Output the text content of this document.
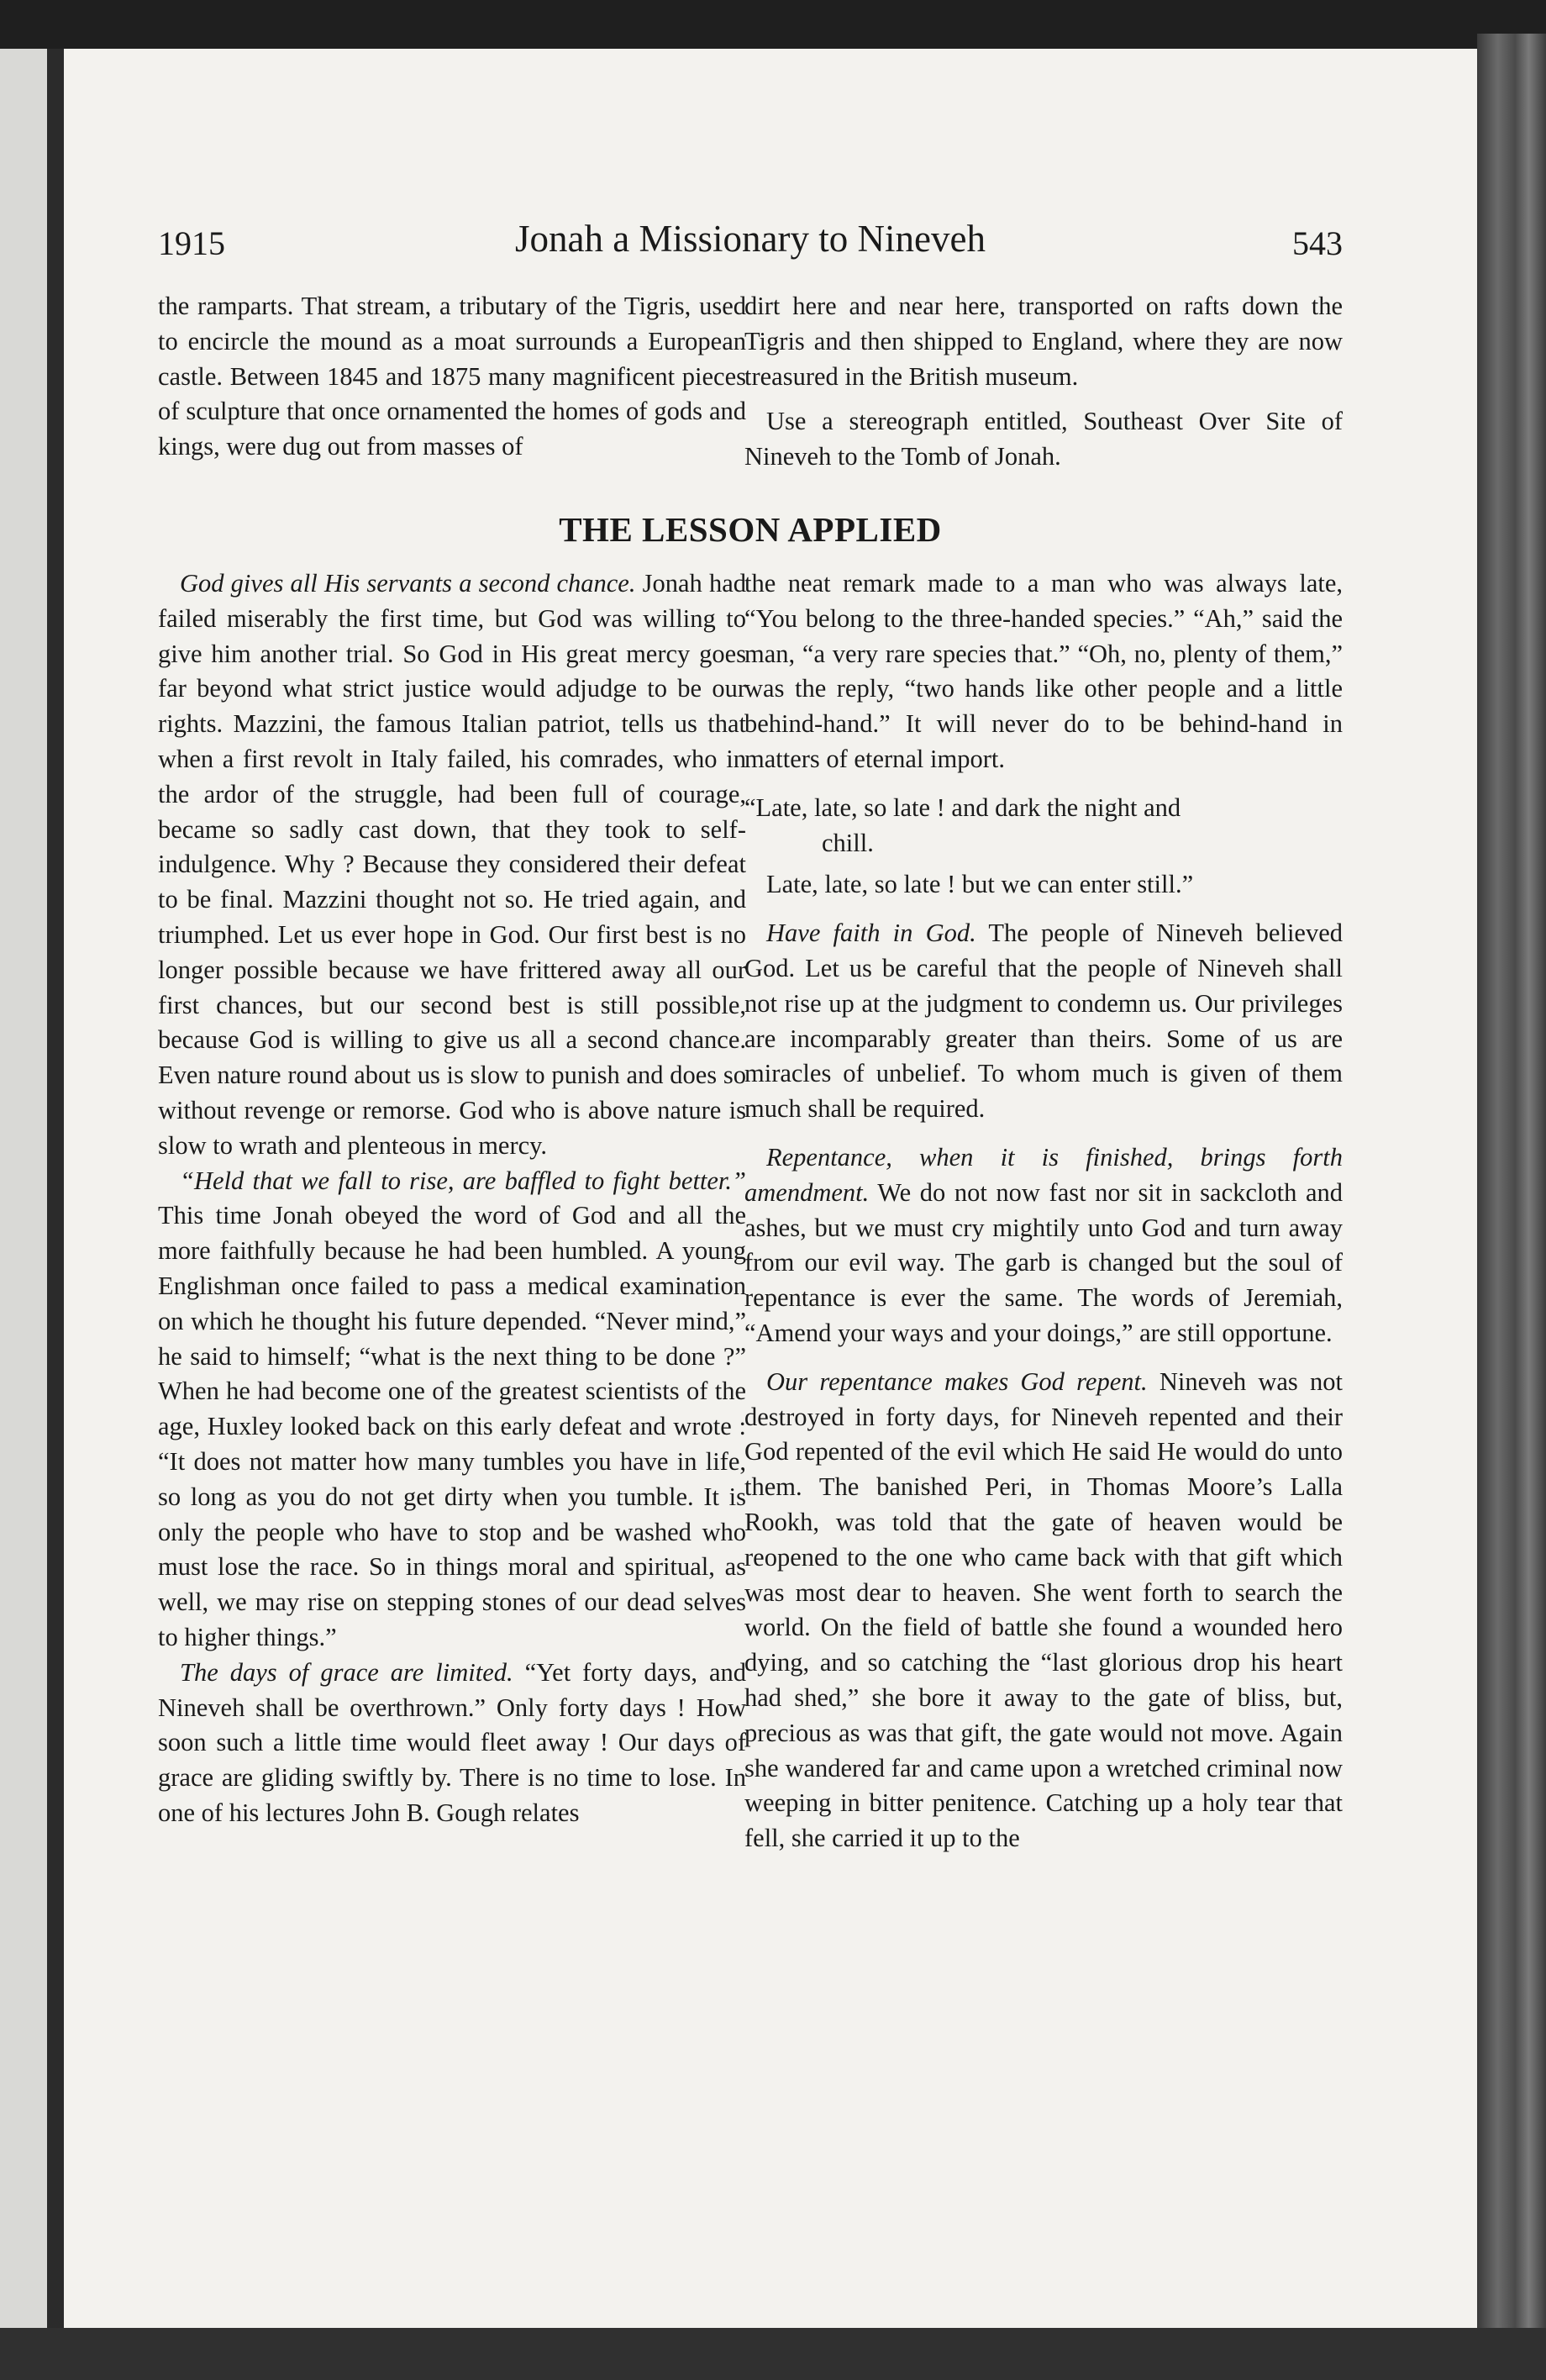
1915	Jonah a Missionary to Nineveh	543

the ramparts. That stream, a tributary of the Tigris, used to encircle the mound as a moat surrounds a European castle. Between 1845 and 1875 many magnificent pieces of sculpture that once ornamented the homes of gods and kings, were dug out from masses of

dirt here and near here, transported on rafts down the Tigris and then shipped to England, where they are now treasured in the British museum.

Use a stereograph entitled, Southeast Over Site of Nineveh to the Tomb of Jonah.

THE LESSON APPLIED

God gives all His servants a second chance. Jonah had failed miserably the first time, but God was willing to give him another trial. So God in His great mercy goes far beyond what strict justice would adjudge to be our rights. Mazzini, the famous Italian patriot, tells us that when a first revolt in Italy failed, his comrades, who in the ardor of the struggle, had been full of courage, became so sadly cast down, that they took to self-indulgence. Why ? Because they considered their defeat to be final. Mazzini thought not so. He tried again, and triumphed. Let us ever hope in God. Our first best is no longer possible because we have frittered away all our first chances, but our second best is still possible, because God is willing to give us all a second chance. Even nature round about us is slow to punish and does so without revenge or remorse. God who is above nature is slow to wrath and plenteous in mercy.

“Held that we fall to rise, are baffled to fight better.” This time Jonah obeyed the word of God and all the more faithfully because he had been humbled. A young Englishman once failed to pass a medical examination on which he thought his future depended. “Never mind,” he said to himself; “what is the next thing to be done ?” When he had become one of the greatest scientists of the age, Huxley looked back on this early defeat and wrote : “It does not matter how many tumbles you have in life, so long as you do not get dirty when you tumble. It is only the people who have to stop and be washed who must lose the race. So in things moral and spiritual, as well, we may rise on stepping stones of our dead selves to higher things.”

The days of grace are limited. “Yet forty days, and Nineveh shall be overthrown.” Only forty days ! How soon such a little time would fleet away ! Our days of grace are gliding swiftly by. There is no time to lose. In one of his lectures John B. Gough relates

the neat remark made to a man who was always late, “You belong to the three-handed species.” “Ah,” said the man, “a very rare species that.” “Oh, no, plenty of them,” was the reply, “two hands like other people and a little behind-hand.” It will never do to be behind-hand in matters of eternal import.

“Late, late, so late ! and dark the night and

chill.

Late, late, so late ! but we can enter still.”

Have faith in God. The people of Nineveh believed God. Let us be careful that the people of Nineveh shall not rise up at the judgment to condemn us. Our privileges are incomparably greater than theirs. Some of us are miracles of unbelief. To whom much is given of them much shall be required.

Repentance, when it is finished, brings forth amendment. We do not now fast nor sit in sackcloth and ashes, but we must cry mightily unto God and turn away from our evil way. The garb is changed but the soul of repentance is ever the same. The words of Jeremiah, “Amend your ways and your doings,” are still opportune.

Our repentance makes God repent. Nineveh was not destroyed in forty days, for Nineveh repented and their God repented of the evil which He said He would do unto them. The banished Peri, in Thomas Moore’s Lalla Rookh, was told that the gate of heaven would be reopened to the one who came back with that gift which was most dear to heaven. She went forth to search the world. On the field of battle she found a wounded hero dying, and so catching the “last glorious drop his heart had shed,” she bore it away to the gate of bliss, but, precious as was that gift, the gate would not move. Again she wandered far and came upon a wretched criminal now weeping in bitter penitence. Catching up a holy tear that fell, she carried it up to the
